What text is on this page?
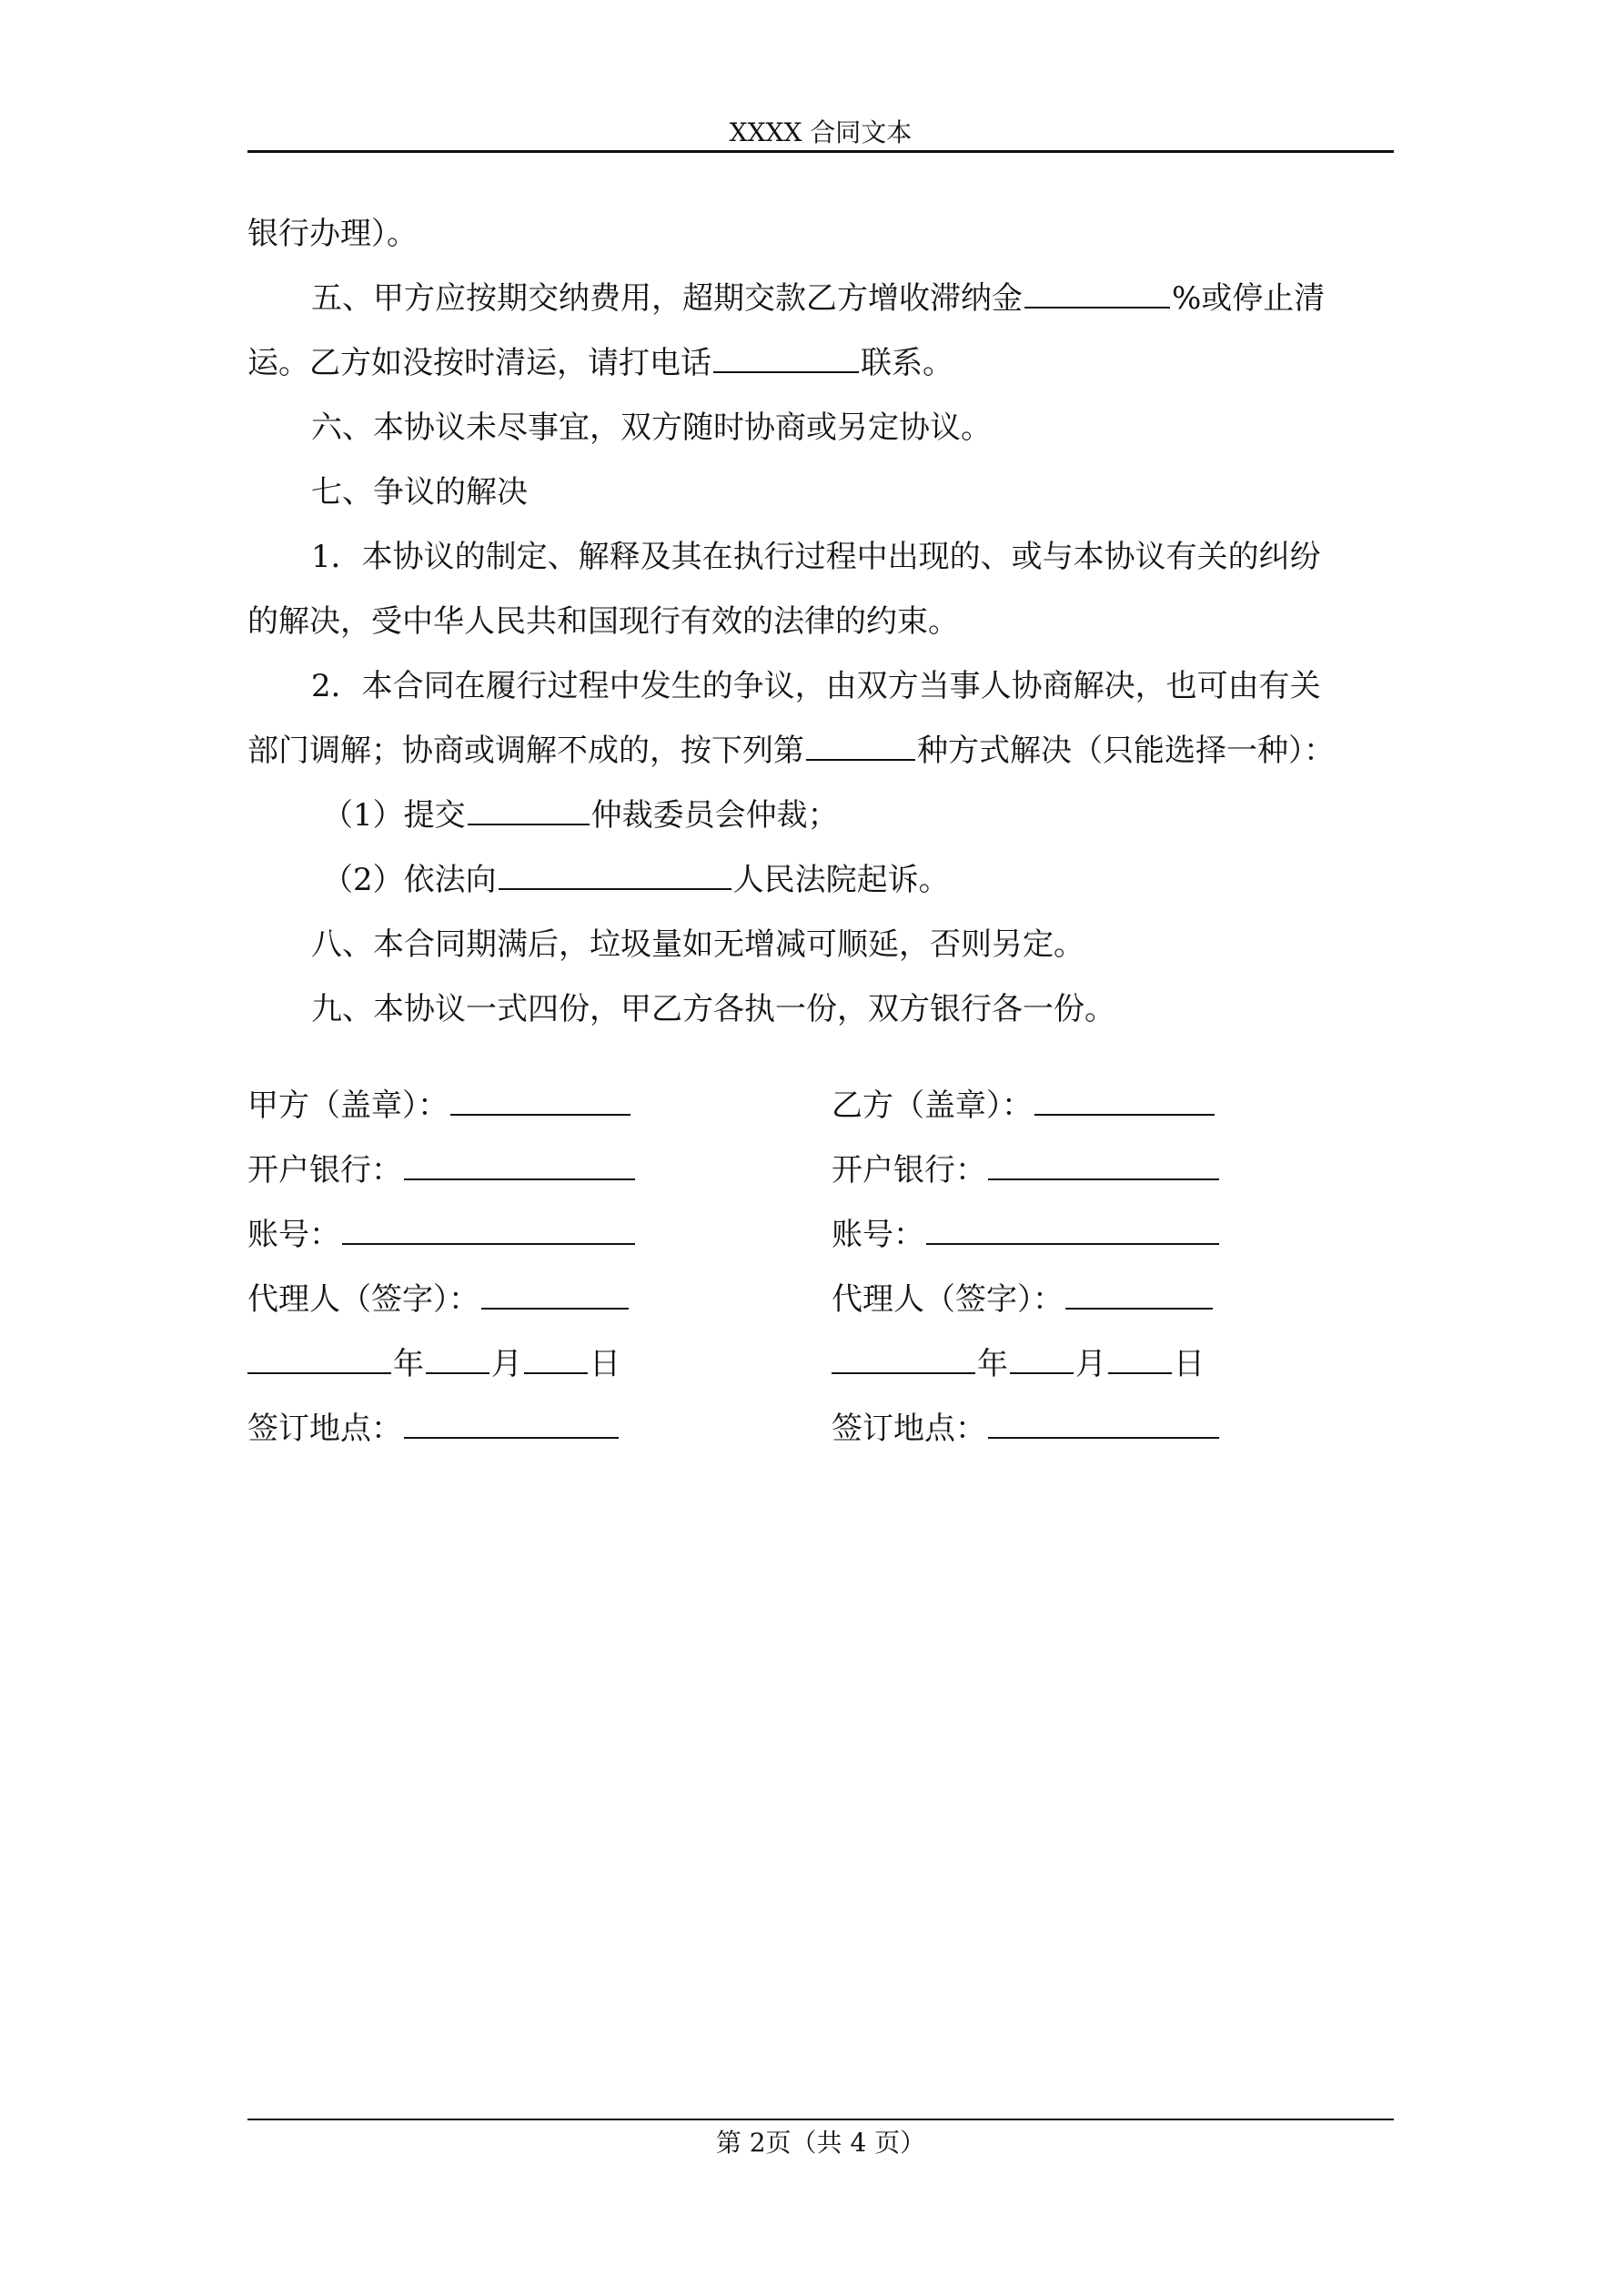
XXXX 合同文本

银行办理）。

五、甲方应按期交纳费用，超期交款乙方增收滞纳金	%或停止清

运。乙方如没按时清运，请打电话	联系。

六、本协议未尽事宜，双方随时协商或另定协议。

七、争议的解决

1．本协议的制定、解释及其在执行过程中出现的、或与本协议有关的纠纷

的解决，受中华人民共和国现行有效的法律的约束。

2．本合同在履行过程中发生的争议，由双方当事人协商解决，也可由有关

部门调解；协商或调解不成的，按下列第	种方式解决（只能选择一种）：

（1）提交	仲裁委员会仲裁；

（2）依法向	人民法院起诉。

八、本合同期满后，垃圾量如无增减可顺延，否则另定。

九、本协议一式四份，甲乙方各执一份，双方银行各一份。

甲方（盖章）：

开户银行：

账号：

代理人（签字）：

年 月 日

签订地点：

乙方（盖章）：

开户银行：

账号：

代理人（签字）：

年 月 日

签订地点：

第 2页（共 4 页）
